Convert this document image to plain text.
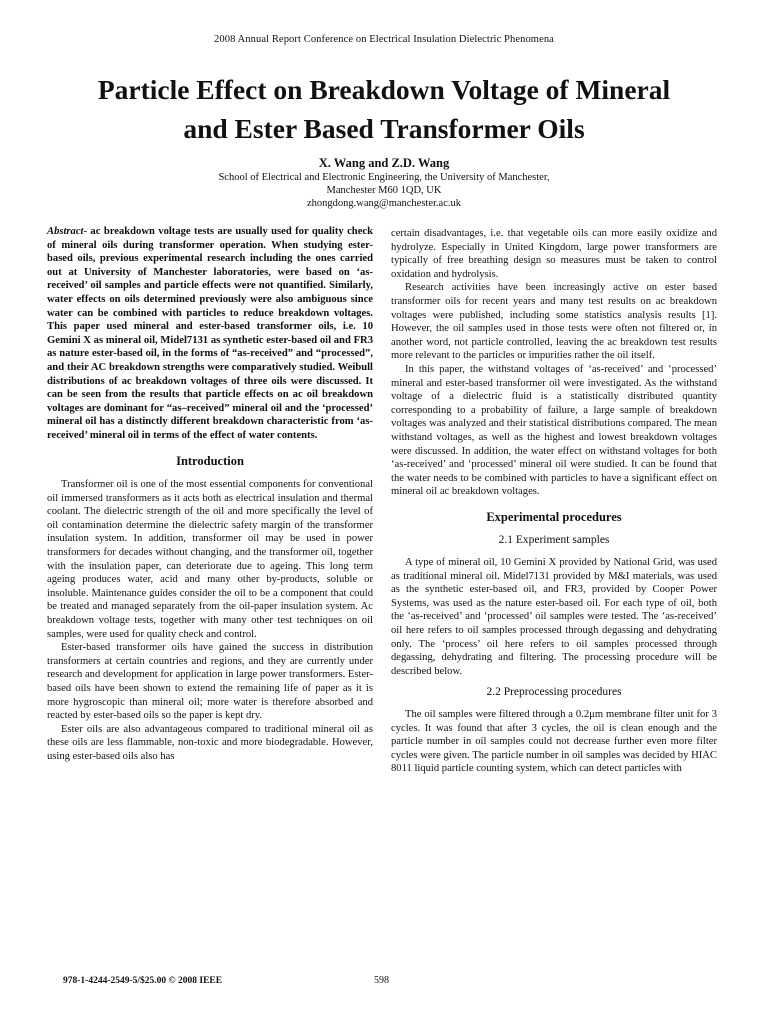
2008 Annual Report Conference on Electrical Insulation Dielectric Phenomena
Particle Effect on Breakdown Voltage of Mineral
and Ester Based Transformer Oils
X. Wang and Z.D. Wang
School of Electrical and Electronic Engineering, the University of Manchester,
Manchester M60 1QD, UK
zhongdong.wang@manchester.ac.uk

Abstract- ac breakdown voltage tests are usually used for quality check of mineral oils during transformer operation. When studying ester-based oils, previous experimental research including the ones carried out at University of Manchester laboratories, were based on ‘as-received’ oil samples and particle effects were not quantified. Similarly, water effects on oils determined previously were also ambiguous since water can be combined with particles to reduce breakdown voltages. This paper used mineral and ester-based transformer oils, i.e. 10 Gemini X as mineral oil, Midel7131 as synthetic ester-based oil and FR3 as nature ester-based oil, in the forms of “as-received” and “processed”, and their AC breakdown strengths were comparatively studied. Weibull distributions of ac breakdown voltages of three oils were discussed. It can be seen from the results that particle effects on ac oil breakdown voltages are dominant for “as–received” mineral oil and the ‘processed’ mineral oil has a distinctly different breakdown characteristic from ‘as-received’ mineral oil in terms of the effect of water contents.

Introduction

Transformer oil is one of the most essential components for conventional oil immersed transformers as it acts both as electrical insulation and thermal coolant. The dielectric strength of the oil and more specifically the level of oil contamination determine the dielectric safety margin of the transformer insulation system. In addition, transformer oil may be used in power transformers for decades without changing, and the transformer oil, together with the insulation paper, can deteriorate due to ageing. This long term ageing produces water, acid and many other by-products, soluble or insoluble. Maintenance guides consider the oil to be a component that could be treated and managed separately from the oil-paper insulation system. Ac breakdown voltage tests, together with many other test techniques on oil samples, were used for quality check and control.

Ester-based transformer oils have gained the success in distribution transformers at certain countries and regions, and they are currently under research and development for application in large power transformers. Ester-based oils have been shown to extend the remaining life of paper as it is more hygroscopic than mineral oil; more water is therefore absorbed and reacted by ester-based oils so the paper is kept dry.

Ester oils are also advantageous compared to traditional mineral oil as these oils are less flammable, non-toxic and more biodegradable. However, using ester-based oils also has

certain disadvantages, i.e. that vegetable oils can more easily oxidize and hydrolyze. Especially in United Kingdom, large power transformers are typically of free breathing design so measures must be taken to control oxidation and hydrolysis.

Research activities have been increasingly active on ester based transformer oils for recent years and many test results on ac breakdown voltages were published, including some statistics analysis results [1]. However, the oil samples used in those tests were often not filtered or, in another word, not particle controlled, leaving the ac breakdown test results more relevant to the particles or impurities rather the oil itself.

In this paper, the withstand voltages of ‘as-received’ and ‘processed’ mineral and ester-based transformer oil were investigated. As the withstand voltage of a dielectric fluid is a statistically distributed quantity corresponding to a probability of failure, a large sample of breakdown voltages was analyzed and their statistical distributions compared. The mean withstand voltages, as well as the highest and lowest breakdown voltages were discussed. In addition, the water effect on withstand voltages for both ‘as-received’ and ‘processed’ mineral oil were studied. It can be found that the water needs to be combined with particles to have a significant effect on mineral oil ac breakdown voltages.

Experimental procedures
2.1 Experiment samples

A type of mineral oil, 10 Gemini X provided by National Grid, was used as traditional mineral oil. Midel7131 provided by M&I materials, was used as the synthetic ester-based oil, and FR3, provided by Cooper Power Systems, was used as the nature ester-based oil. For each type of oil, both the ‘as-received’ and ‘processed’ oil samples were tested. The ‘as-received’ oil here refers to oil samples processed through degassing and dehydrating only. The ‘process’ oil here refers to oil samples processed through degassing, dehydrating and filtering. The processing procedure will be described below.

2.2 Preprocessing procedures

The oil samples were filtered through a 0.2μm membrane filter unit for 3 cycles. It was found that after 3 cycles, the oil is clean enough and the particle number in oil samples could not decrease further even more filter cycles were given. The particle number in oil samples was decided by HIAC 8011 liquid particle counting system, which can detect particles with

978-1-4244-2549-5/$25.00 © 2008 IEEE	598
